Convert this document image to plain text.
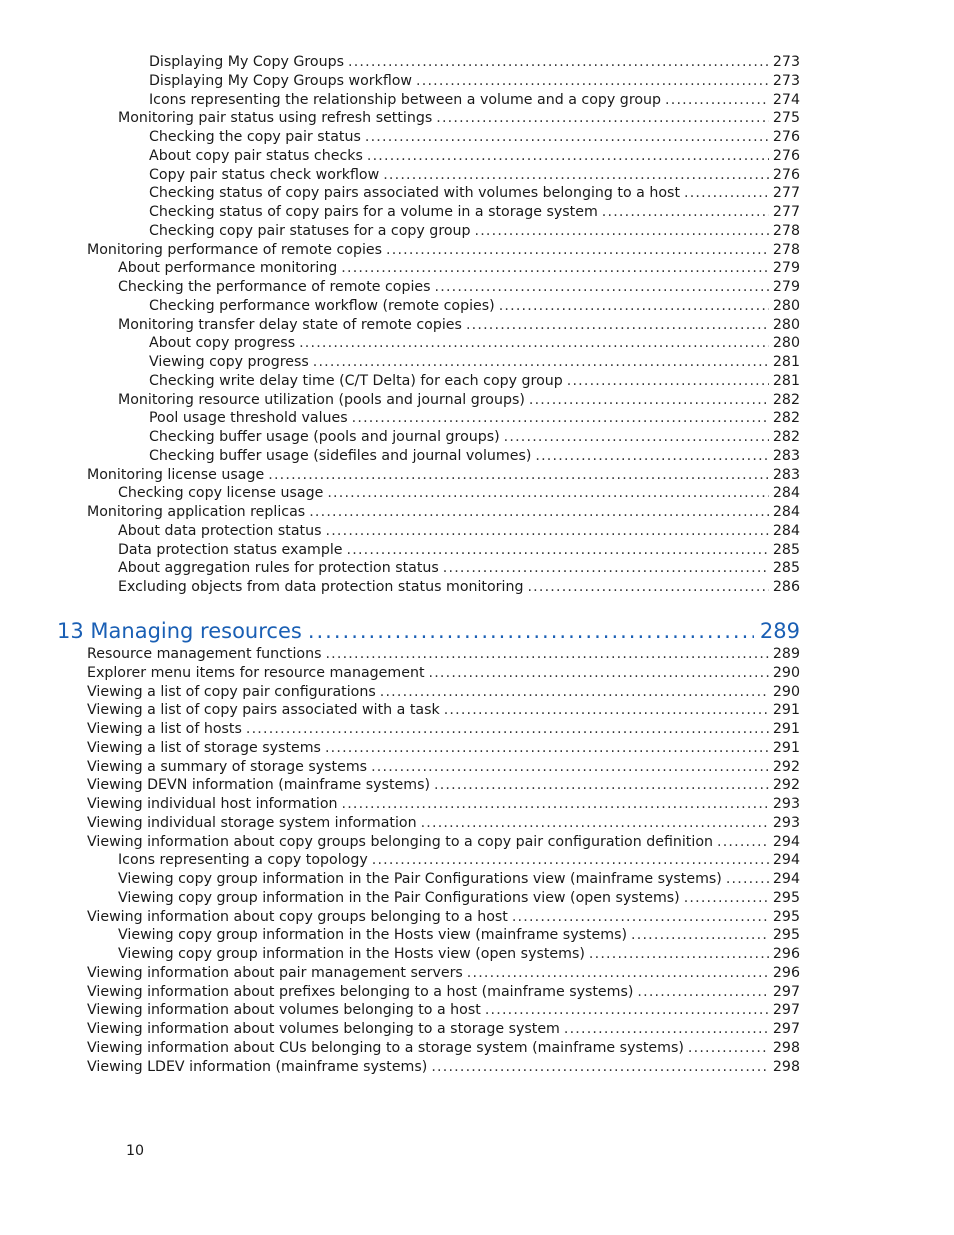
Displaying My Copy Groups .....	273
Displaying My Copy Groups workflow .....	273
Icons representing the relationship between a volume and a copy group .....	274
Monitoring pair status using refresh settings .....	275
Checking the copy pair status .....	276
About copy pair status checks .....	276
Copy pair status check workflow .....	276
Checking status of copy pairs associated with volumes belonging to a host .....	277
Checking status of copy pairs for a volume in a storage system .....	277
Checking copy pair statuses for a copy group .....	278
Monitoring performance of remote copies .....	278
About performance monitoring .....	279
Checking the performance of remote copies .....	279
Checking performance workflow (remote copies) .....	280
Monitoring transfer delay state of remote copies .....	280
About copy progress .....	280
Viewing copy progress .....	281
Checking write delay time (C/T Delta) for each copy group .....	281
Monitoring resource utilization (pools and journal groups) .....	282
Pool usage threshold values .....	282
Checking buffer usage (pools and journal groups) .....	282
Checking buffer usage (sidefiles and journal volumes) .....	283
Monitoring license usage .....	283
Checking copy license usage .....	284
Monitoring application replicas .....	284
About data protection status .....	284
Data protection status example .....	285
About aggregation rules for protection status .....	285
Excluding objects from data protection status monitoring .....	286
13 Managing resources .....	289
Resource management functions .....	289
Explorer menu items for resource management .....	290
Viewing a list of copy pair configurations .....	290
Viewing a list of copy pairs associated with a task .....	291
Viewing a list of hosts .....	291
Viewing a list of storage systems .....	291
Viewing a summary of storage systems .....	292
Viewing DEVN information (mainframe systems) .....	292
Viewing individual host information .....	293
Viewing individual storage system information .....	293
Viewing information about copy groups belonging to a copy pair configuration definition .....	294
Icons representing a copy topology .....	294
Viewing copy group information in the Pair Configurations view (mainframe systems) .....	294
Viewing copy group information in the Pair Configurations view (open systems) .....	295
Viewing information about copy groups belonging to a host .....	295
Viewing copy group information in the Hosts view (mainframe systems) .....	295
Viewing copy group information in the Hosts view (open systems) .....	296
Viewing information about pair management servers .....	296
Viewing information about prefixes belonging to a host (mainframe systems) .....	297
Viewing information about volumes belonging to a host .....	297
Viewing information about volumes belonging to a storage system .....	297
Viewing information about CUs belonging to a storage system (mainframe systems) .....	298
Viewing LDEV information (mainframe systems) .....	298
10
